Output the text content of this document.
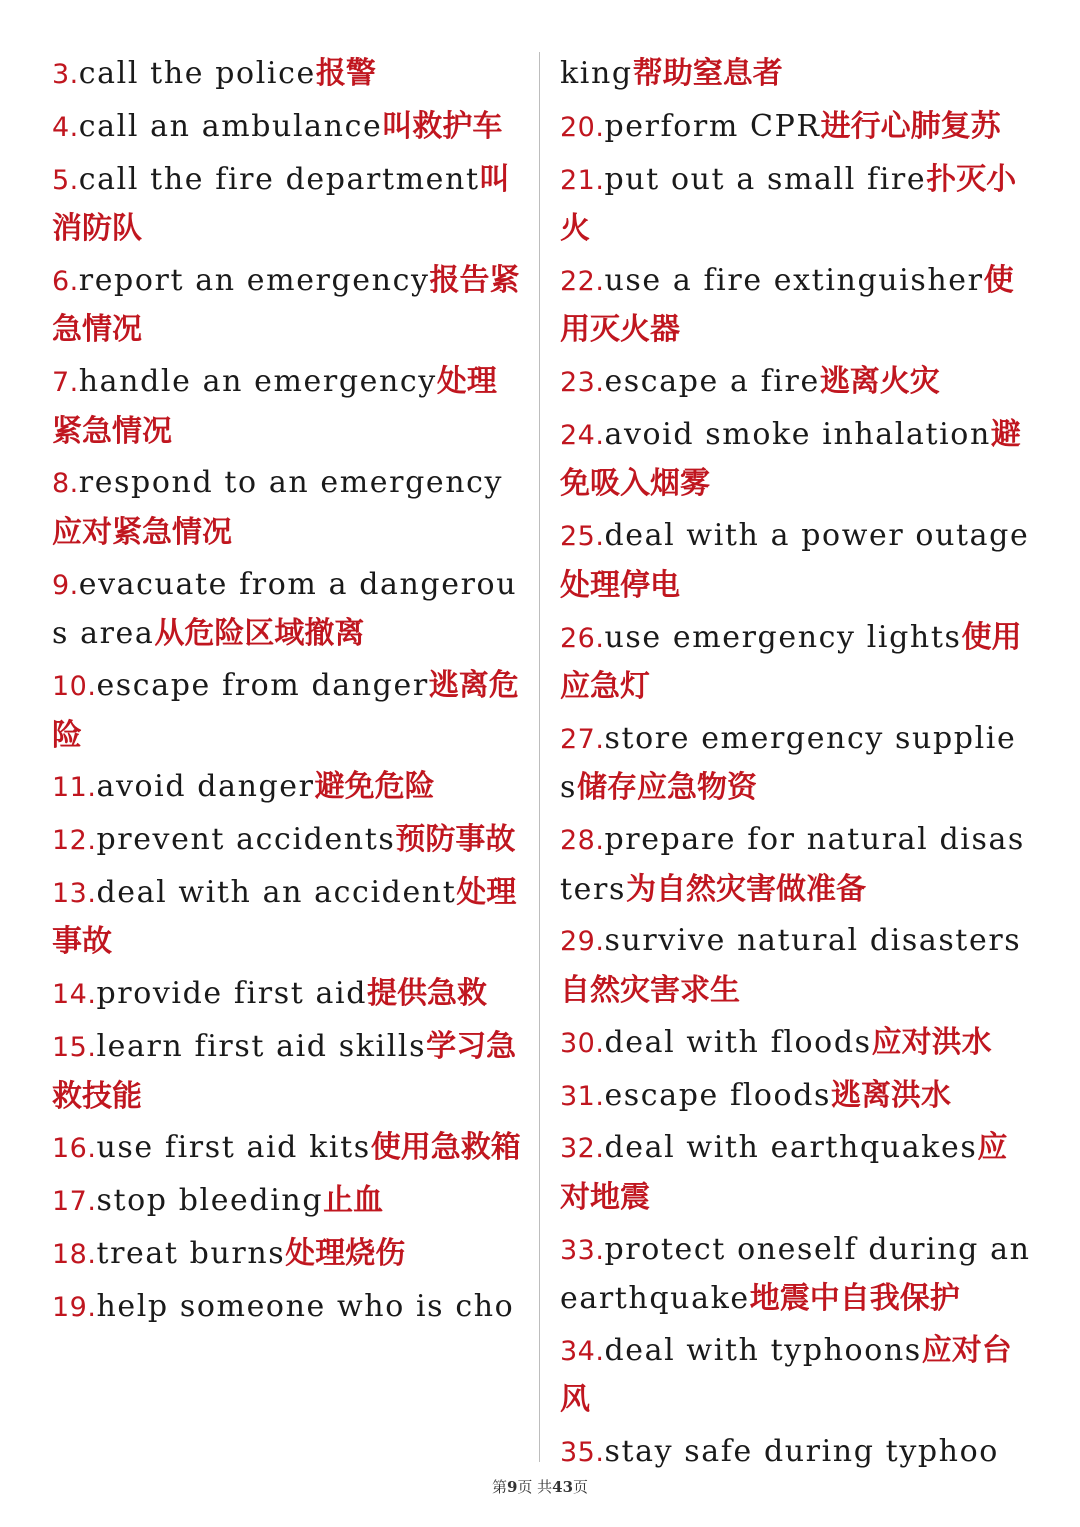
3.call the police报警

4.call an ambulance叫救护车

5.call the fire department叫消防队

6.report an emergency报告紧急情况

7.handle an emergency处理紧急情况

8.respond to an emergency应对紧急情况

9.evacuate from a dangerous area从危险区域撤离

10.escape from danger逃离危险

11.avoid danger避免危险

12.prevent accidents预防事故

13.deal with an accident处理事故

14.provide first aid提供急救

15.learn first aid skills学习急救技能

16.use first aid kits使用急救箱

17.stop bleeding止血

18.treat burns处理烧伤

19.help someone who is cho

king帮助窒息者

20.perform CPR进行心肺复苏

21.put out a small fire扑灭小火

22.use a fire extinguisher使用灭火器

23.escape a fire逃离火灾

24.avoid smoke inhalation避免吸入烟雾

25.deal with a power outage处理停电

26.use emergency lights使用应急灯

27.store emergency supplies储存应急物资

28.prepare for natural disasters为自然灾害做准备

29.survive natural disasters自然灾害求生

30.deal with floods应对洪水

31.escape floods逃离洪水

32.deal with earthquakes应对地震

33.protect oneself during an earthquake地震中自我保护

34.deal with typhoons应对台风

35.stay safe during typhoo

第9页 共43页
